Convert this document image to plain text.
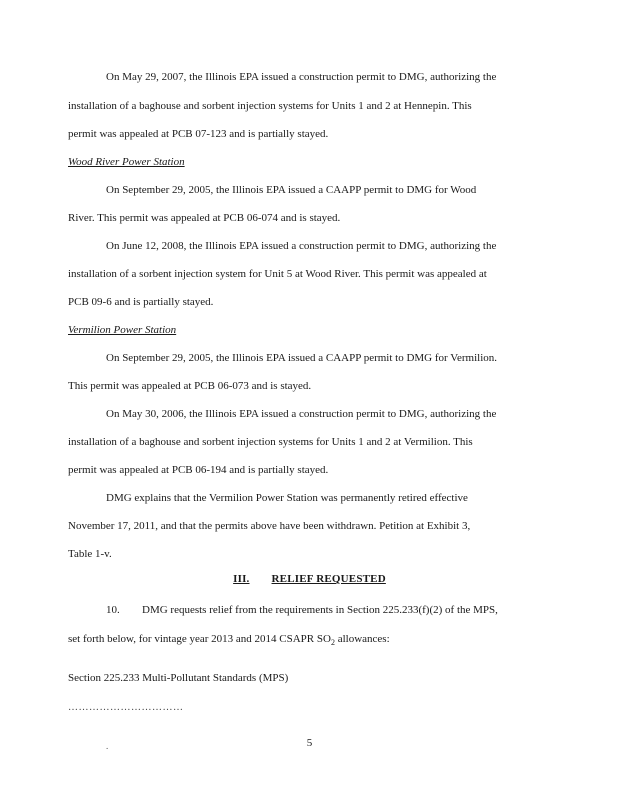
On May 29, 2007, the Illinois EPA issued a construction permit to DMG, authorizing the
installation of a baghouse and sorbent injection systems for Units 1 and 2 at Hennepin. This
permit was appealed at PCB 07-123 and is partially stayed.
Wood River Power Station
On September 29, 2005, the Illinois EPA issued a CAAPP permit to DMG for Wood
River. This permit was appealed at PCB 06-074 and is stayed.
On June 12, 2008, the Illinois EPA issued a construction permit to DMG, authorizing the
installation of a sorbent injection system for Unit 5 at Wood River. This permit was appealed at
PCB 09-6 and is partially stayed.
Vermilion Power Station
On September 29, 2005, the Illinois EPA issued a CAAPP permit to DMG for Vermilion.
This permit was appealed at PCB 06-073 and is stayed.
On May 30, 2006, the Illinois EPA issued a construction permit to DMG, authorizing the
installation of a baghouse and sorbent injection systems for Units 1 and 2 at Vermilion. This
permit was appealed at PCB 06-194 and is partially stayed.
DMG explains that the Vermilion Power Station was permanently retired effective
November 17, 2011, and that the permits above have been withdrawn. Petition at Exhibit 3,
Table 1-v.
III. RELIEF REQUESTED
10. DMG requests relief from the requirements in Section 225.233(f)(2) of the MPS,
set forth below, for vintage year 2013 and 2014 CSAPR $SO_2$ allowances:
Section 225.233 Multi-Pollutant Standards (MPS)
……………………………
.	5
